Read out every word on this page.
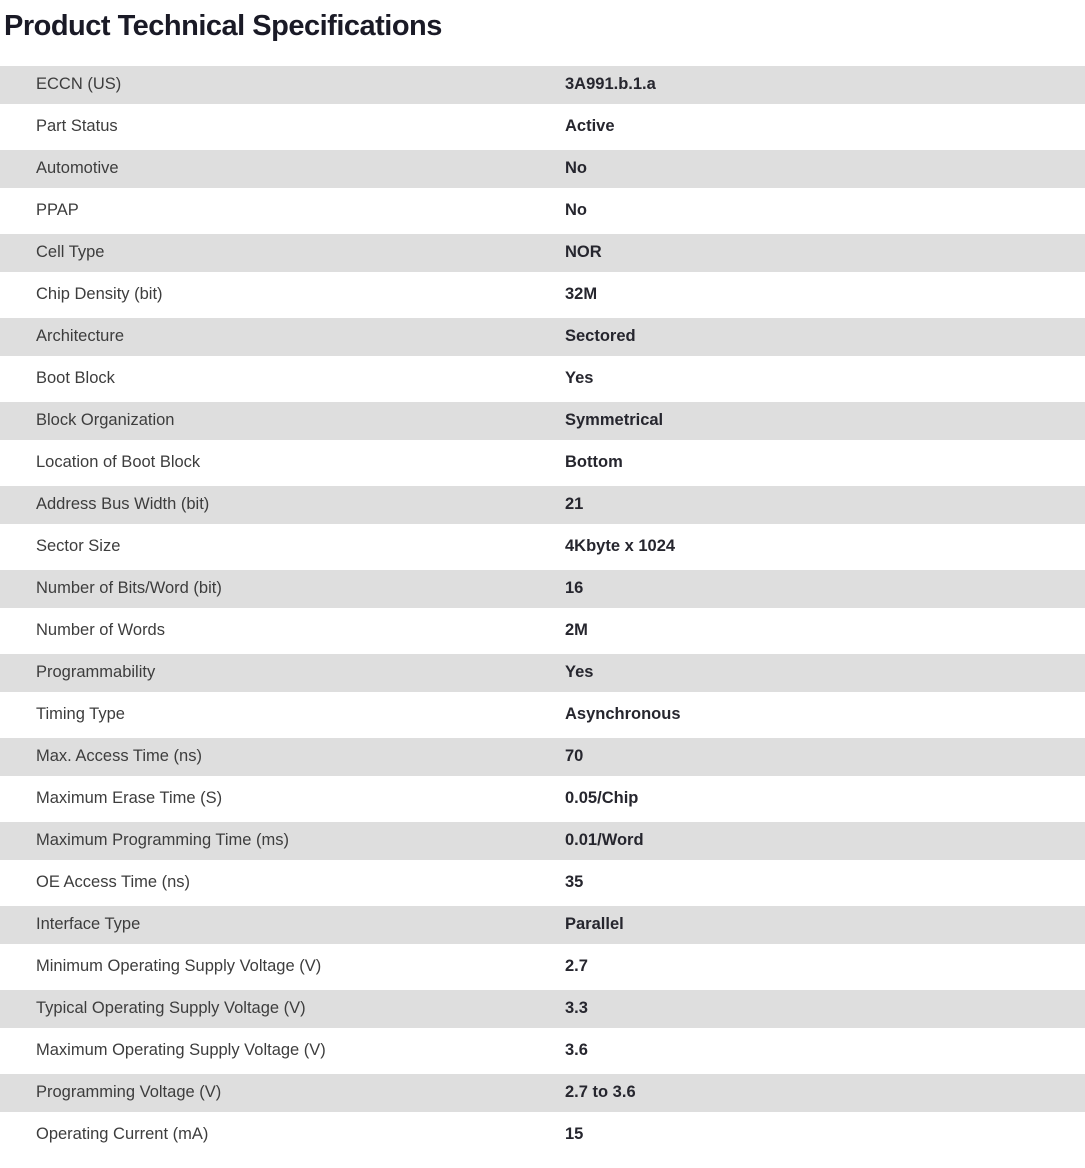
Product Technical Specifications
ECCN (US)	3A991.b.1.a
Part Status	Active
Automotive	No
PPAP	No
Cell Type	NOR
Chip Density (bit)	32M
Architecture	Sectored
Boot Block	Yes
Block Organization	Symmetrical
Location of Boot Block	Bottom
Address Bus Width (bit)	21
Sector Size	4Kbyte x 1024
Number of Bits/Word (bit)	16
Number of Words	2M
Programmability	Yes
Timing Type	Asynchronous
Max. Access Time (ns)	70
Maximum Erase Time (S)	0.05/Chip
Maximum Programming Time (ms)	0.01/Word
OE Access Time (ns)	35
Interface Type	Parallel
Minimum Operating Supply Voltage (V)	2.7
Typical Operating Supply Voltage (V)	3.3
Maximum Operating Supply Voltage (V)	3.6
Programming Voltage (V)	2.7 to 3.6
Operating Current (mA)	15
